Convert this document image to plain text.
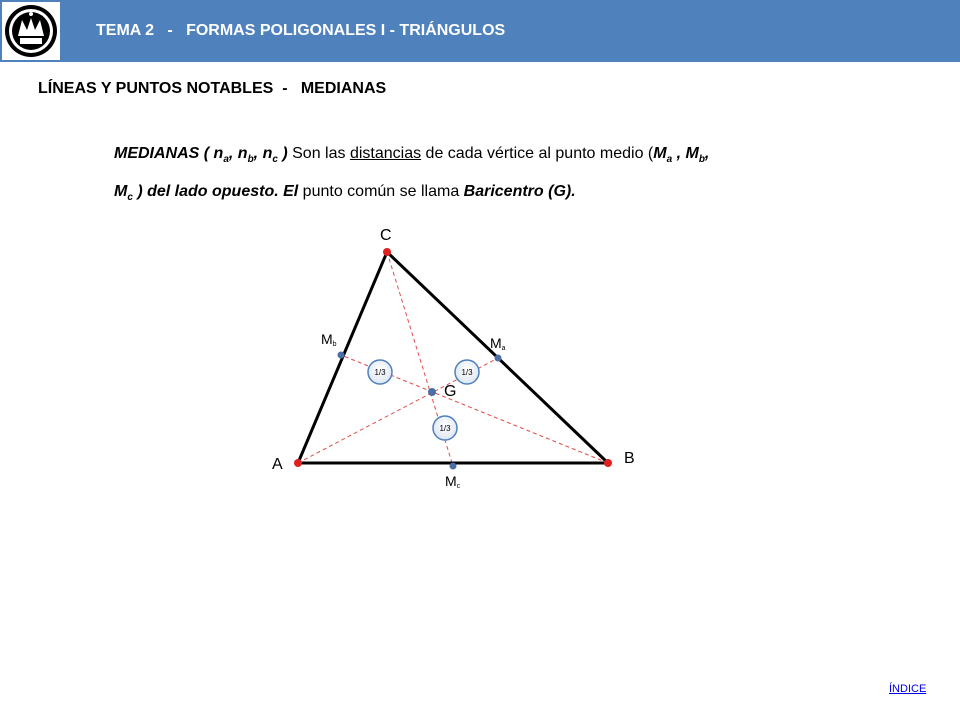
TEMA 2   -   FORMAS POLIGONALES I - TRIÁNGULOS
LÍNEAS Y PUNTOS NOTABLES  -   MEDIANAS
MEDIANAS ( $n_a$, $n_b$, $n_c$ ) Son las distancias de cada vértice al punto medio ($M_a$ , $M_b$,
$M_c$ ) del lado opuesto. El punto común se llama Baricentro (G).
1/3	1/3
1/3
A	B
C
G
Ma
Mb
Mc
ÍNDICE
